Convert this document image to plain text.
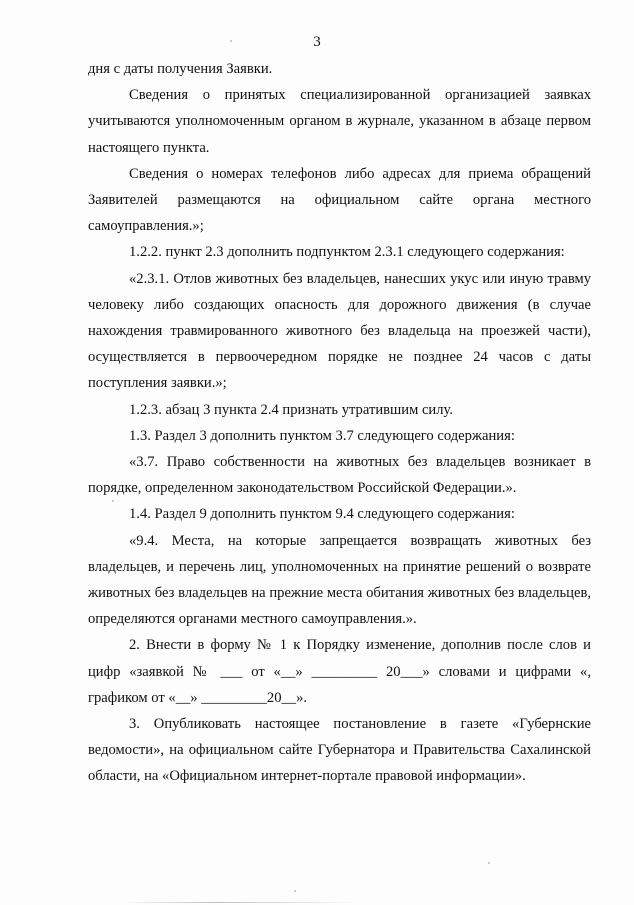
3

дня с даты получения Заявки.

Сведения о принятых специализированной организацией заявках учитываются уполномоченным органом в журнале, указанном в абзаце первом настоящего пункта.

Сведения о номерах телефонов либо адресах для приема обращений Заявителей размещаются на официальном сайте органа местного самоуправления.»;

1.2.2. пункт 2.3 дополнить подпунктом 2.3.1 следующего содержания:

«2.3.1. Отлов животных без владельцев, нанесших укус или иную травму человеку либо создающих опасность для дорожного движения (в случае нахождения травмированного животного без владельца на проезжей части), осуществляется в первоочередном порядке не позднее 24 часов с даты поступления заявки.»;

1.2.3. абзац 3 пункта 2.4 признать утратившим силу.

1.3. Раздел 3 дополнить пунктом 3.7 следующего содержания:

«3.7. Право собственности на животных без владельцев возникает в порядке, определенном законодательством Российской Федерации.».

1.4. Раздел 9 дополнить пунктом 9.4 следующего содержания:

«9.4. Места, на которые запрещается возвращать животных без владельцев, и перечень лиц, уполномоченных на принятие решений о возврате животных без владельцев на прежние места обитания животных без владельцев, определяются органами местного самоуправления.».

2. Внести в форму № 1 к Порядку изменение, дополнив после слов и цифр «заявкой № ___ от «__» _________ 20___» словами и цифрами «, графиком от «__» _________20__».

3. Опубликовать настоящее постановление в газете «Губернские ведомости», на официальном сайте Губернатора и Правительства Сахалинской области, на «Официальном интернет-портале правовой информации».
